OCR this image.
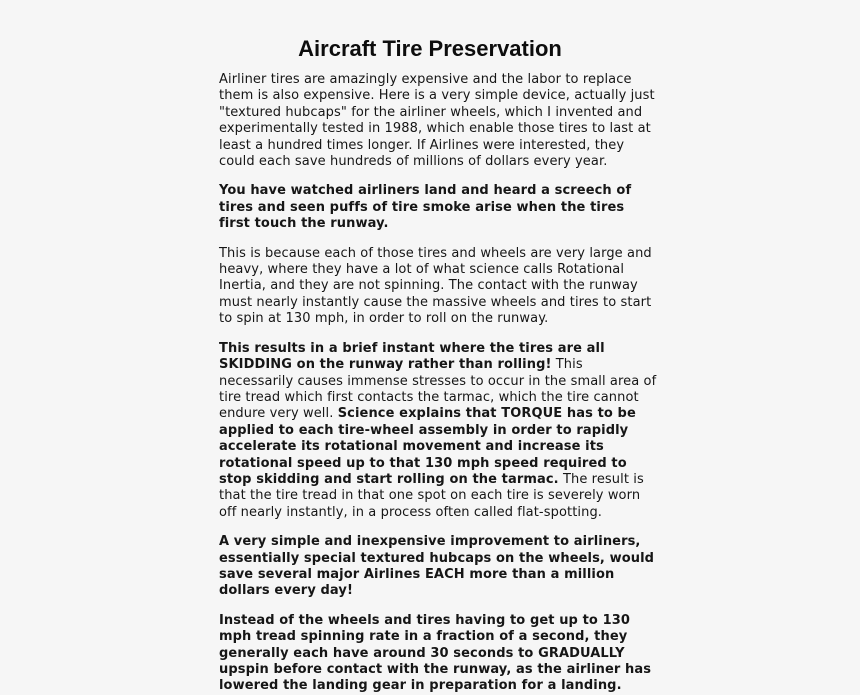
Aircraft Tire Preservation

Airliner tires are amazingly expensive and the labor to replace them is also expensive. Here is a very simple device, actually just "textured hubcaps" for the airliner wheels, which I invented and experimentally tested in 1988, which enable those tires to last at least a hundred times longer. If Airlines were interested, they could each save hundreds of millions of dollars every year.

You have watched airliners land and heard a screech of tires and seen puffs of tire smoke arise when the tires first touch the runway.

This is because each of those tires and wheels are very large and heavy, where they have a lot of what science calls Rotational Inertia, and they are not spinning. The contact with the runway must nearly instantly cause the massive wheels and tires to start to spin at 130 mph, in order to roll on the runway.

This results in a brief instant where the tires are all SKIDDING on the runway rather than rolling! This necessarily causes immense stresses to occur in the small area of tire tread which first contacts the tarmac, which the tire cannot endure very well. Science explains that TORQUE has to be applied to each tire-wheel assembly in order to rapidly accelerate its rotational movement and increase its rotational speed up to that 130 mph speed required to stop skidding and start rolling on the tarmac. The result is that the tire tread in that one spot on each tire is severely worn off nearly instantly, in a process often called flat-spotting.

A very simple and inexpensive improvement to airliners, essentially special textured hubcaps on the wheels, would save several major Airlines EACH more than a million dollars every day!

Instead of the wheels and tires having to get up to 130 mph tread spinning rate in a fraction of a second, they generally each have around 30 seconds to GRADUALLY upspin before contact with the runway, as the airliner has lowered the landing gear in preparation for a landing.
